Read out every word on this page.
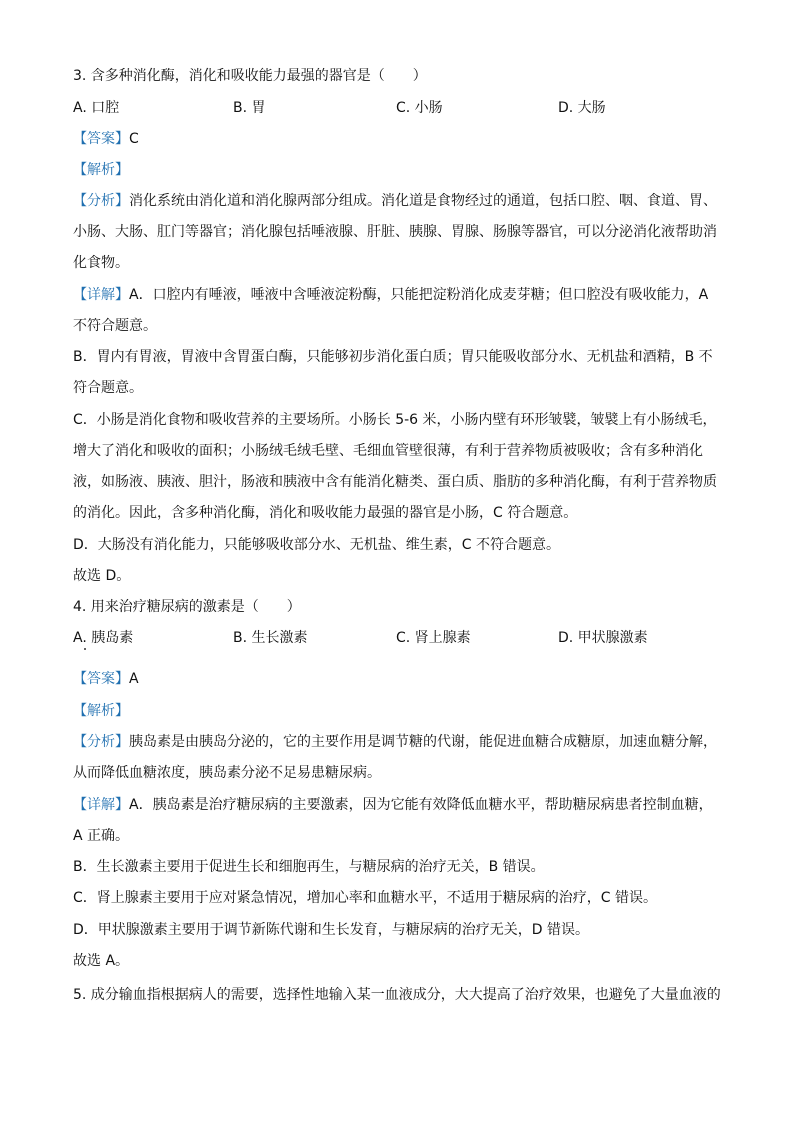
3. 含多种消化酶，消化和吸收能力最强的器官是（　　）
A. 口腔	B. 胃	C. 小肠	D. 大肠
【答案】C
【解析】
【分析】消化系统由消化道和消化腺两部分组成。消化道是食物经过的通道，包括口腔、咽、食道、胃、
小肠、大肠、肛门等器官；消化腺包括唾液腺、肝脏、胰腺、胃腺、肠腺等器官，可以分泌消化液帮助消
化食物。
【详解】A．口腔内有唾液，唾液中含唾液淀粉酶，只能把淀粉消化成麦芽糖；但口腔没有吸收能力，A
不符合题意。
B．胃内有胃液，胃液中含胃蛋白酶，只能够初步消化蛋白质；胃只能吸收部分水、无机盐和酒精，B 不
符合题意。
C．小肠是消化食物和吸收营养的主要场所。小肠长 5-6 米，小肠内壁有环形皱襞，皱襞上有小肠绒毛，
增大了消化和吸收的面积；小肠绒毛绒毛壁、毛细血管壁很薄，有利于营养物质被吸收；含有多种消化
液，如肠液、胰液、胆汁，肠液和胰液中含有能消化糖类、蛋白质、脂肪的多种消化酶，有利于营养物质
的消化。因此，含多种消化酶，消化和吸收能力最强的器官是小肠，C 符合题意。
D．大肠没有消化能力，只能够吸收部分水、无机盐、维生素，C 不符合题意。
故选 D。
4. 用来治疗糖尿病的激素是（　　）
A. 胰岛素	B. 生长激素	C. 肾上腺素	D. 甲状腺激素
【答案】A
【解析】
【分析】胰岛素是由胰岛分泌的，它的主要作用是调节糖的代谢，能促进血糖合成糖原，加速血糖分解，
从而降低血糖浓度，胰岛素分泌不足易患糖尿病。
【详解】A．胰岛素是治疗糖尿病的主要激素，因为它能有效降低血糖水平，帮助糖尿病患者控制血糖，
A 正确。
B．生长激素主要用于促进生长和细胞再生，与糖尿病的治疗无关，B 错误。
C．肾上腺素主要用于应对紧急情况，增加心率和血糖水平，不适用于糖尿病的治疗，C 错误。
D．甲状腺激素主要用于调节新陈代谢和生长发育，与糖尿病的治疗无关，D 错误。
故选 A。
5. 成分输血指根据病人的需要，选择性地输入某一血液成分，大大提高了治疗效果，也避免了大量血液的
